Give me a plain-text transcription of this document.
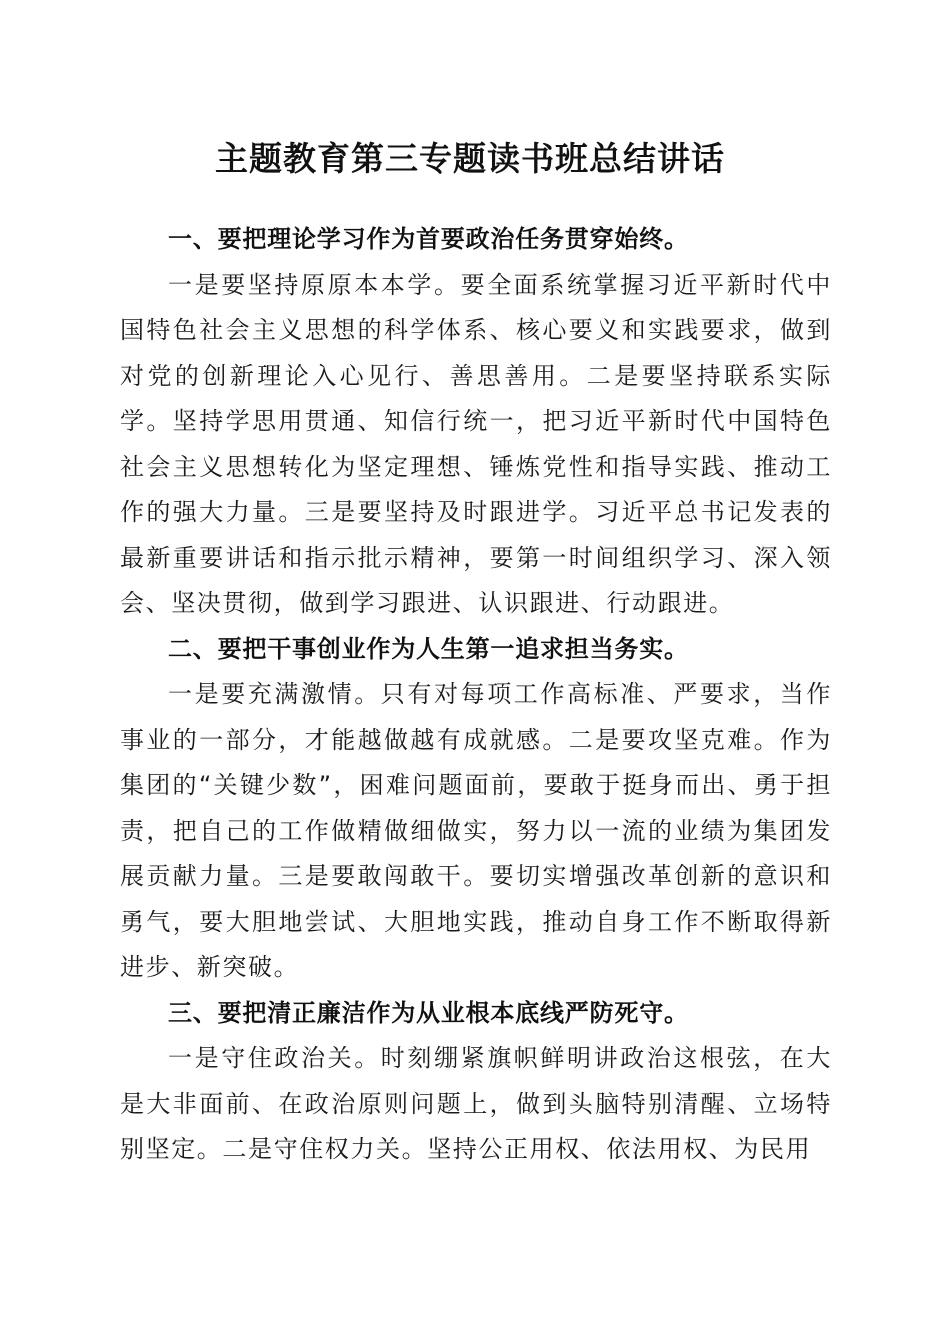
主题教育第三专题读书班总结讲话

一、要把理论学习作为首要政治任务贯穿始终。

一是要坚持原原本本学。要全面系统掌握习近平新时代中国特色社会主义思想的科学体系、核心要义和实践要求，做到对党的创新理论入心见行、善思善用。二是要坚持联系实际学。坚持学思用贯通、知信行统一，把习近平新时代中国特色社会主义思想转化为坚定理想、锤炼党性和指导实践、推动工作的强大力量。三是要坚持及时跟进学。习近平总书记发表的最新重要讲话和指示批示精神，要第一时间组织学习、深入领会、坚决贯彻，做到学习跟进、认识跟进、行动跟进。

二、要把干事创业作为人生第一追求担当务实。

一是要充满激情。只有对每项工作高标准、严要求，当作事业的一部分，才能越做越有成就感。二是要攻坚克难。作为集团的“关键少数”，困难问题面前，要敢于挺身而出、勇于担责，把自己的工作做精做细做实，努力以一流的业绩为集团发展贡献力量。三是要敢闯敢干。要切实增强改革创新的意识和勇气，要大胆地尝试、大胆地实践，推动自身工作不断取得新进步、新突破。

三、要把清正廉洁作为从业根本底线严防死守。

一是守住政治关。时刻绷紧旗帜鲜明讲政治这根弦，在大是大非面前、在政治原则问题上，做到头脑特别清醒、立场特别坚定。二是守住权力关。坚持公正用权、依法用权、为民用
